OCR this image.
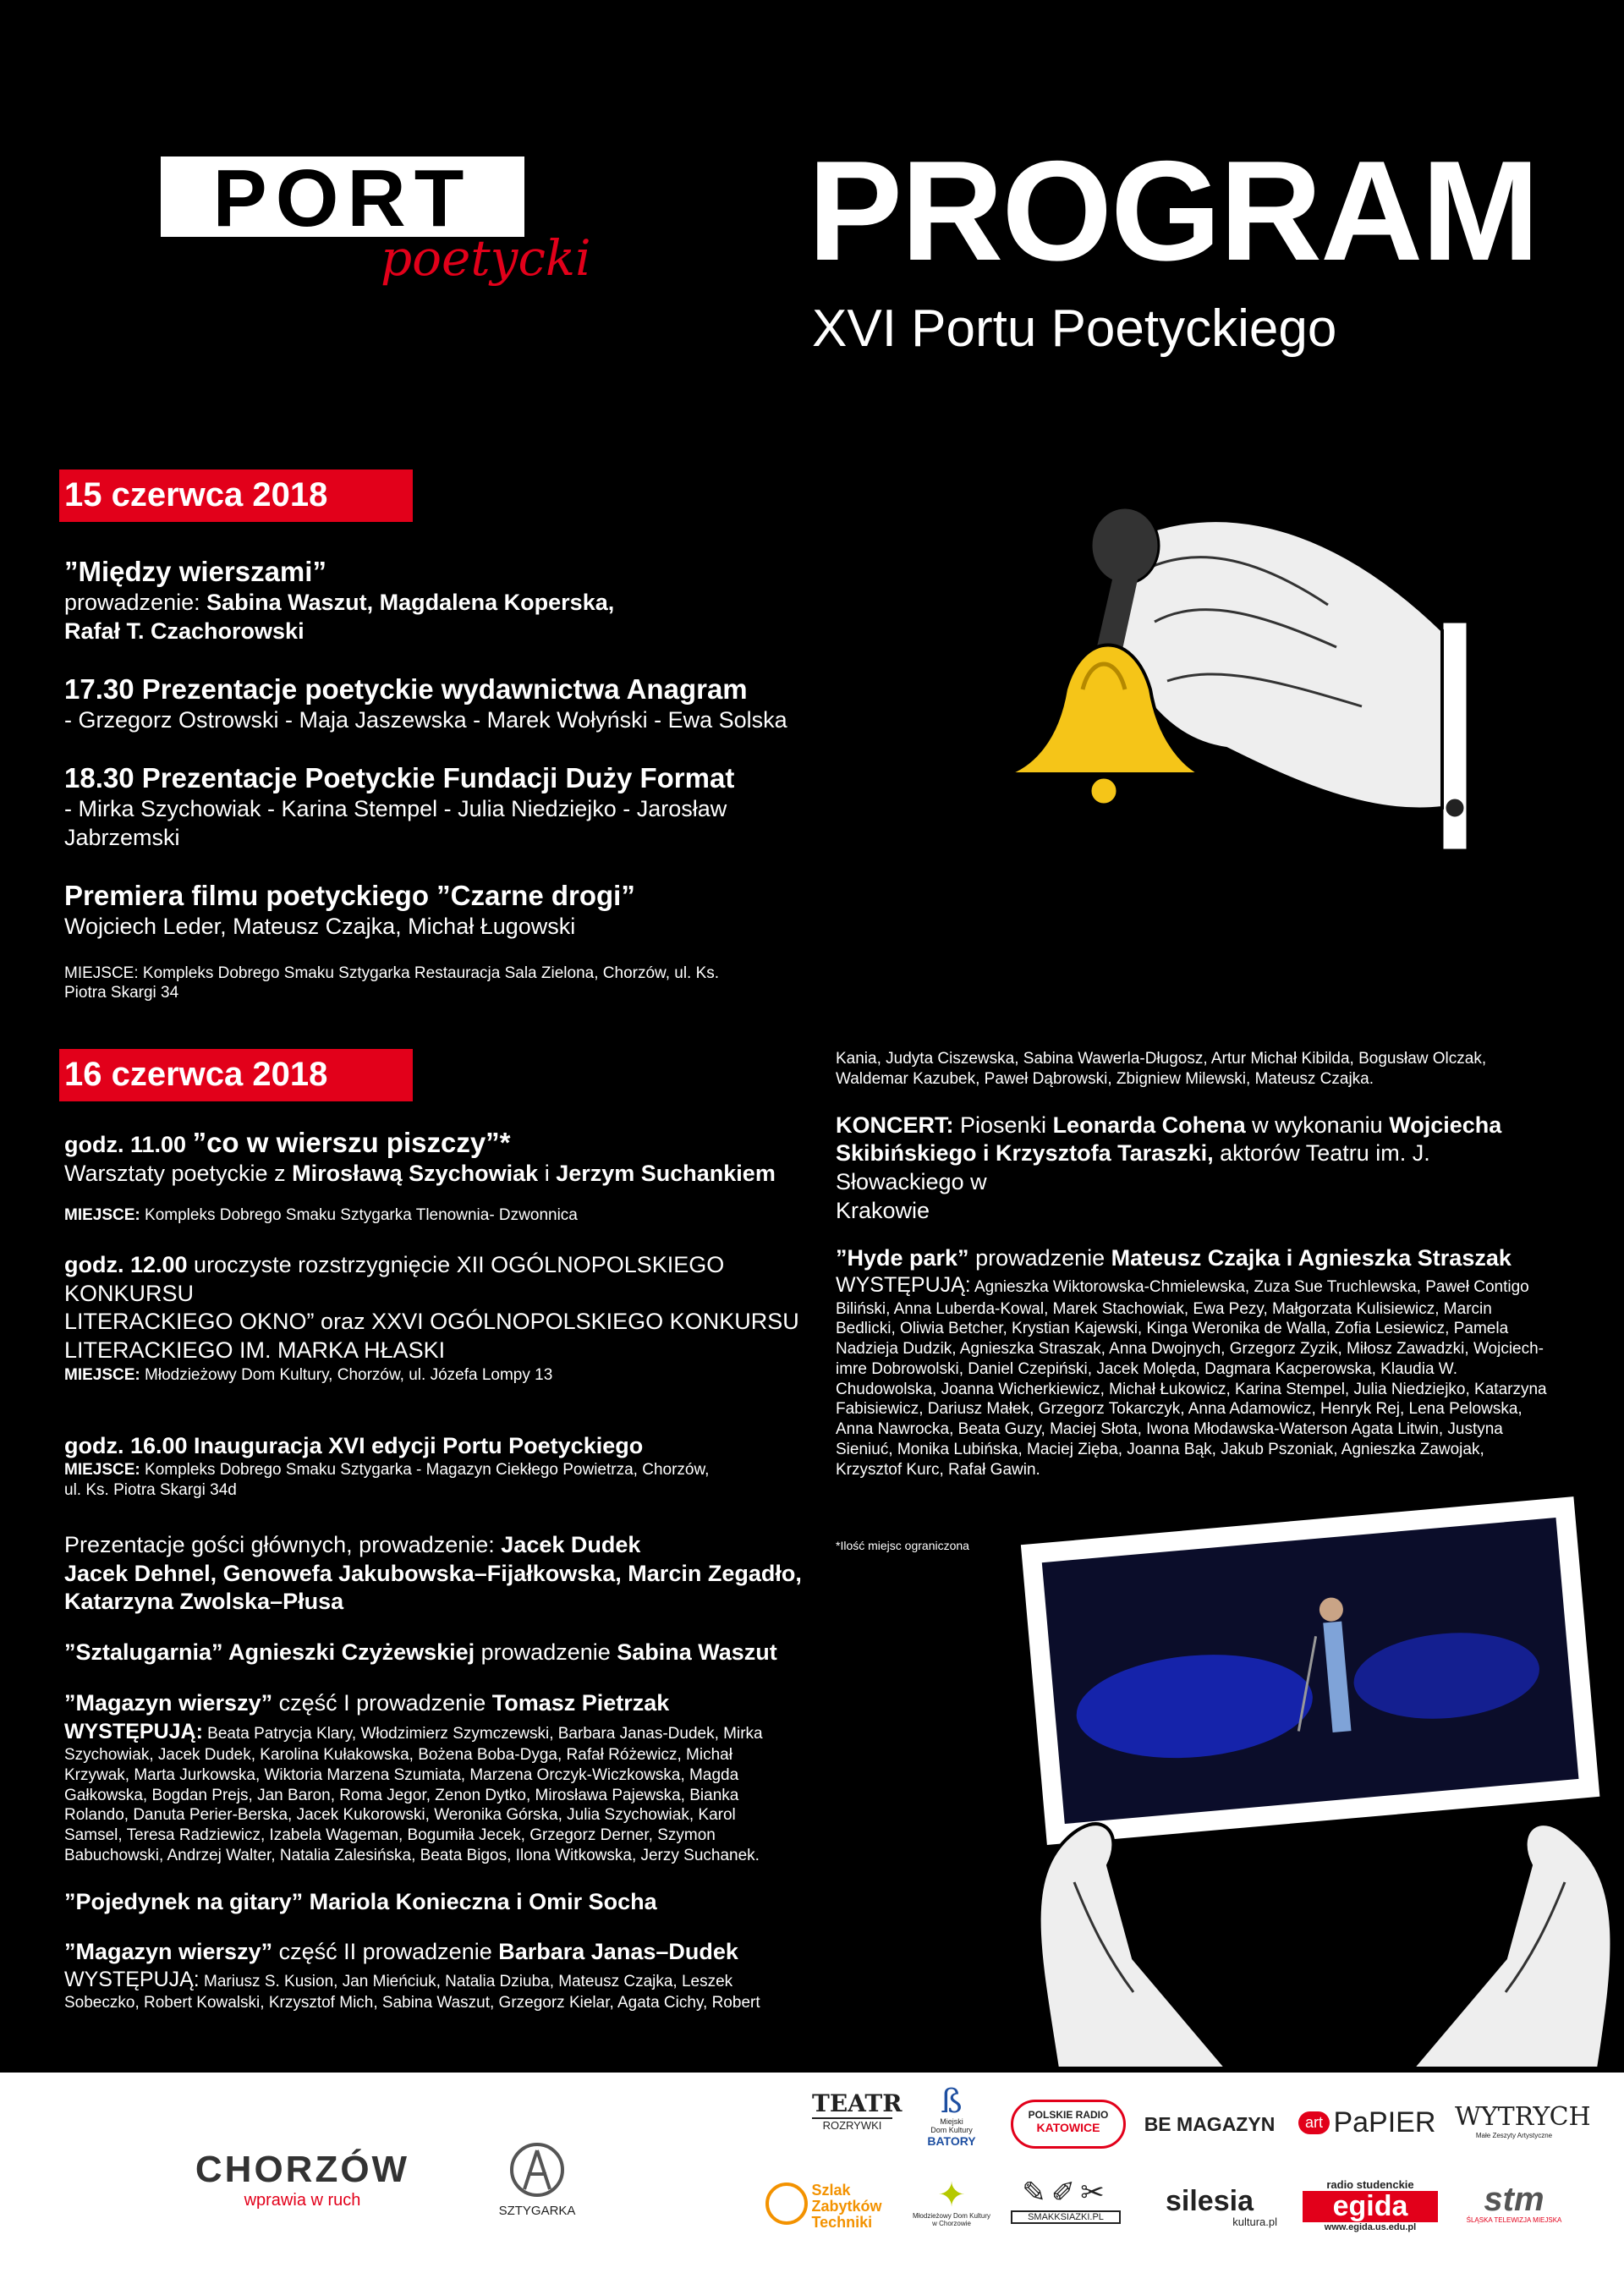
PORT
poetycki PROGRAM
XVI Portu Poetyckiego
15 czerwca 2018
”Między wierszami”
prowadzenie: Sabina Waszut, Magdalena Koperska,
Rafał T. Czachorowski
17.30 Prezentacje poetyckie wydawnictwa Anagram
- Grzegorz Ostrowski - Maja Jaszewska - Marek Wołyński - Ewa Solska
18.30 Prezentacje Poetyckie Fundacji Duży Format
- Mirka Szychowiak - Karina Stempel - Julia Niedziejko - Jarosław Jabrzemski
Premiera filmu poetyckiego ”Czarne drogi”
Wojciech Leder, Mateusz Czajka, Michał Ługowski
MIEJSCE: Kompleks Dobrego Smaku Sztygarka Restauracja Sala Zielona, Chorzów, ul. Ks.
Piotra Skargi 34
16 czerwca 2018
godz. 11.00 ”co w wierszu piszczy”*
Warsztaty poetyckie z Mirosławą Szychowiak i Jerzym Suchankiem
MIEJSCE: Kompleks Dobrego Smaku Sztygarka Tlenownia- Dzwonnica
godz. 12.00 uroczyste rozstrzygnięcie XII OGÓLNOPOLSKIEGO KONKURSU
LITERACKIEGO OKNO” oraz XXVI OGÓLNOPOLSKIEGO KONKURSU
LITERACKIEGO IM. MARKA HŁASKI
MIEJSCE: Młodzieżowy Dom Kultury, Chorzów, ul. Józefa Lompy 13
godz. 16.00 Inauguracja XVI edycji Portu Poetyckiego
MIEJSCE: Kompleks Dobrego Smaku Sztygarka - Magazyn Ciekłego Powietrza, Chorzów,
ul. Ks. Piotra Skargi 34d
Prezentacje gości głównych, prowadzenie: Jacek Dudek
Jacek Dehnel, Genowefa Jakubowska–Fijałkowska, Marcin Zegadło,
Katarzyna Zwolska–Płusa
”Sztalugarnia” Agnieszki Czyżewskiej prowadzenie Sabina Waszut
”Magazyn wierszy” część I prowadzenie Tomasz Pietrzak
WYSTĘPUJĄ: Beata Patrycja Klary, Włodzimierz Szymczewski, Barbara Janas-Dudek, Mirka
Szychowiak, Jacek Dudek, Karolina Kułakowska, Bożena Boba-Dyga, Rafał Różewicz, Michał
Krzywak, Marta Jurkowska, Wiktoria Marzena Szumiata, Marzena Orczyk-Wiczkowska, Magda
Gałkowska, Bogdan Prejs, Jan Baron, Roma Jegor, Zenon Dytko, Mirosława Pajewska, Bianka
Rolando, Danuta Perier-Berska, Jacek Kukorowski, Weronika Górska, Julia Szychowiak, Karol
Samsel, Teresa Radziewicz, Izabela Wageman, Bogumiła Jecek, Grzegorz Derner, Szymon
Babuchowski, Andrzej Walter, Natalia Zalesińska, Beata Bigos, Ilona Witkowska, Jerzy Suchanek.
”Pojedynek na gitary” Mariola Konieczna i Omir Socha
”Magazyn wierszy” część II prowadzenie Barbara Janas–Dudek
WYSTĘPUJĄ: Mariusz S. Kusion, Jan Mieńciuk, Natalia Dziuba, Mateusz Czajka, Leszek
Sobeczko, Robert Kowalski, Krzysztof Mich, Sabina Waszut, Grzegorz Kielar, Agata Cichy, Robert
Kania, Judyta Ciszewska, Sabina Wawerla-Długosz, Artur Michał Kibilda, Bogusław Olczak,
Waldemar Kazubek, Paweł Dąbrowski, Zbigniew Milewski, Mateusz Czajka.
KONCERT: Piosenki Leonarda Cohena w wykonaniu Wojciecha
Skibińskiego i Krzysztofa Taraszki, aktorów Teatru im. J. Słowackiego w
Krakowie
”Hyde park” prowadzenie Mateusz Czajka i Agnieszka Straszak
WYSTĘPUJĄ: Agnieszka Wiktorowska-Chmielewska, Zuza Sue Truchlewska, Paweł Contigo
Biliński, Anna Luberda-Kowal, Marek Stachowiak, Ewa Pezy, Małgorzata Kulisiewicz, Marcin
Bedlicki, Oliwia Betcher, Krystian Kajewski, Kinga Weronika de Walla, Zofia Lesiewicz, Pamela
Nadzieja Dudzik, Agnieszka Straszak, Anna Dwojnych, Grzegorz Zyzik, Miłosz Zawadzki, Wojciech-
imre Dobrowolski, Daniel Czepiński, Jacek Molęda, Dagmara Kacperowska, Klaudia W.
Chudowolska, Joanna Wicherkiewicz, Michał Łukowicz, Karina Stempel, Julia Niedziejko, Katarzyna
Fabisiewicz, Dariusz Małek, Grzegorz Tokarczyk, Anna Adamowicz, Henryk Rej, Lena Pelowska,
Anna Nawrocka, Beata Guzy, Maciej Słota, Iwona Młodawska-Waterson Agata Litwin, Justyna
Sieniuć, Monika Lubińska, Maciej Zięba, Joanna Bąk, Jakub Pszoniak, Agnieszka Zawojak,
Krzysztof Kurc, Rafał Gawin.
*Ilość miejsc ograniczona
CHORZÓW
wprawia w ruch
SZTYGARKA
TEATR
ROZRYWKI
ß
Miejski
Dom Kultury
BATORY
POLSKIE RADIO
KATOWICE	BE MAGAZYN	art PaPIER WYTRYCH
Małe Zeszyty Artystyczne
Szlak
Zabytków
Techniki
✦
Młodzieżowy Dom Kultury w Chorzowie
✎✐✂
SMAKKSIAZKI.PL	silesia
kultura.pl
radio studenckie
egida
www.egida.us.edu.pl
stm
ŚLĄSKA TELEWIZJA MIEJSKA
